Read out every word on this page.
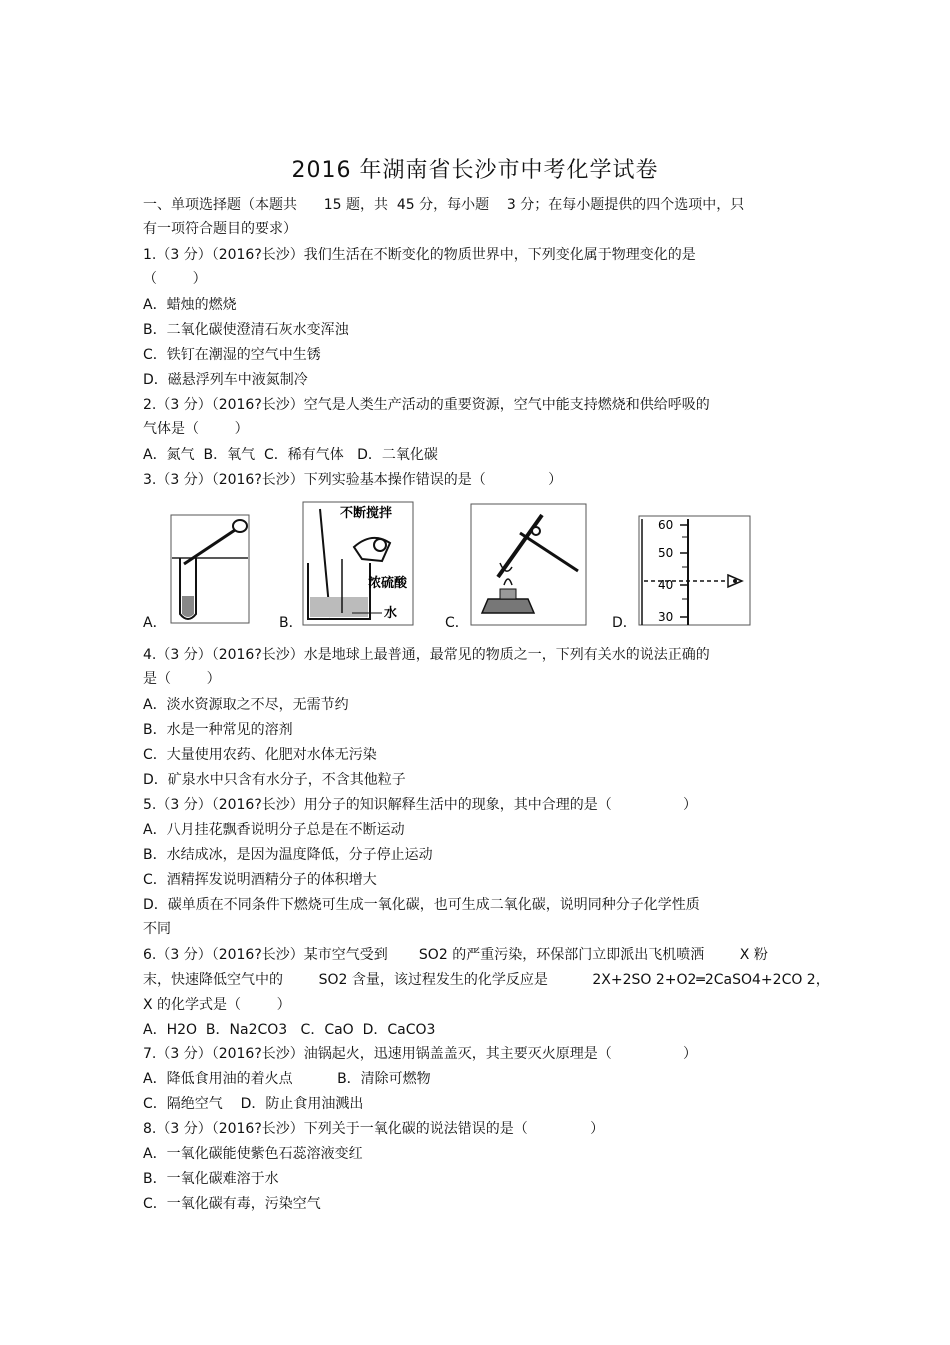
2016 年湖南省长沙市中考化学试卷
一、单项选择题（本题共      15 题，共  45 分，每小题    3 分；在每小题提供的四个选项中，只
有一项符合题目的要求）
1.（3 分）（2016?长沙）我们生活在不断变化的物质世界中，下列变化属于物理变化的是
（        ）
A．蜡烛的燃烧
B．二氧化碳使澄清石灰水变浑浊
C．铁钉在潮湿的空气中生锈
D．磁悬浮列车中液氮制冷
2.（3 分）（2016?长沙）空气是人类生产活动的重要资源，空气中能支持燃烧和供给呼吸的
气体是（        ）
A．氮气  B．氧气  C．稀有气体   D．二氧化碳
3.（3 分）（2016?长沙）下列实验基本操作错误的是（              ）
A．
不断搅拌
浓硫酸
水
B．	C．
60
50
40
30
D．
4.（3 分）（2016?长沙）水是地球上最普通，最常见的物质之一，下列有关水的说法正确的
是（        ）
A．淡水资源取之不尽，无需节约
B．水是一种常见的溶剂
C．大量使用农药、化肥对水体无污染
D．矿泉水中只含有水分子，不含其他粒子
5.（3 分）（2016?长沙）用分子的知识解释生活中的现象，其中合理的是（                ）
A．八月挂花飘香说明分子总是在不断运动
B．水结成冰，是因为温度降低，分子停止运动
C．酒精挥发说明酒精分子的体积增大
D．碳单质在不同条件下燃烧可生成一氧化碳，也可生成二氧化碳，说明同种分子化学性质
不同
6.（3 分）（2016?长沙）某市空气受到       SO2 的严重污染，环保部门立即派出飞机喷洒        X 粉
末，快速降低空气中的        SO2 含量，该过程发生的化学反应是          2X+2SO 2+O2═2CaSO4+2CO 2，
X 的化学式是（        ）
A．H2O  B．Na2CO3   C．CaO  D．CaCO3
7.（3 分）（2016?长沙）油锅起火，迅速用锅盖盖灭，其主要灭火原理是（                ）
A．降低食用油的着火点          B．清除可燃物
C．隔绝空气    D．防止食用油溅出
8.（3 分）（2016?长沙）下列关于一氧化碳的说法错误的是（              ）
A．一氧化碳能使紫色石蕊溶液变红
B．一氧化碳难溶于水
C．一氧化碳有毒，污染空气
